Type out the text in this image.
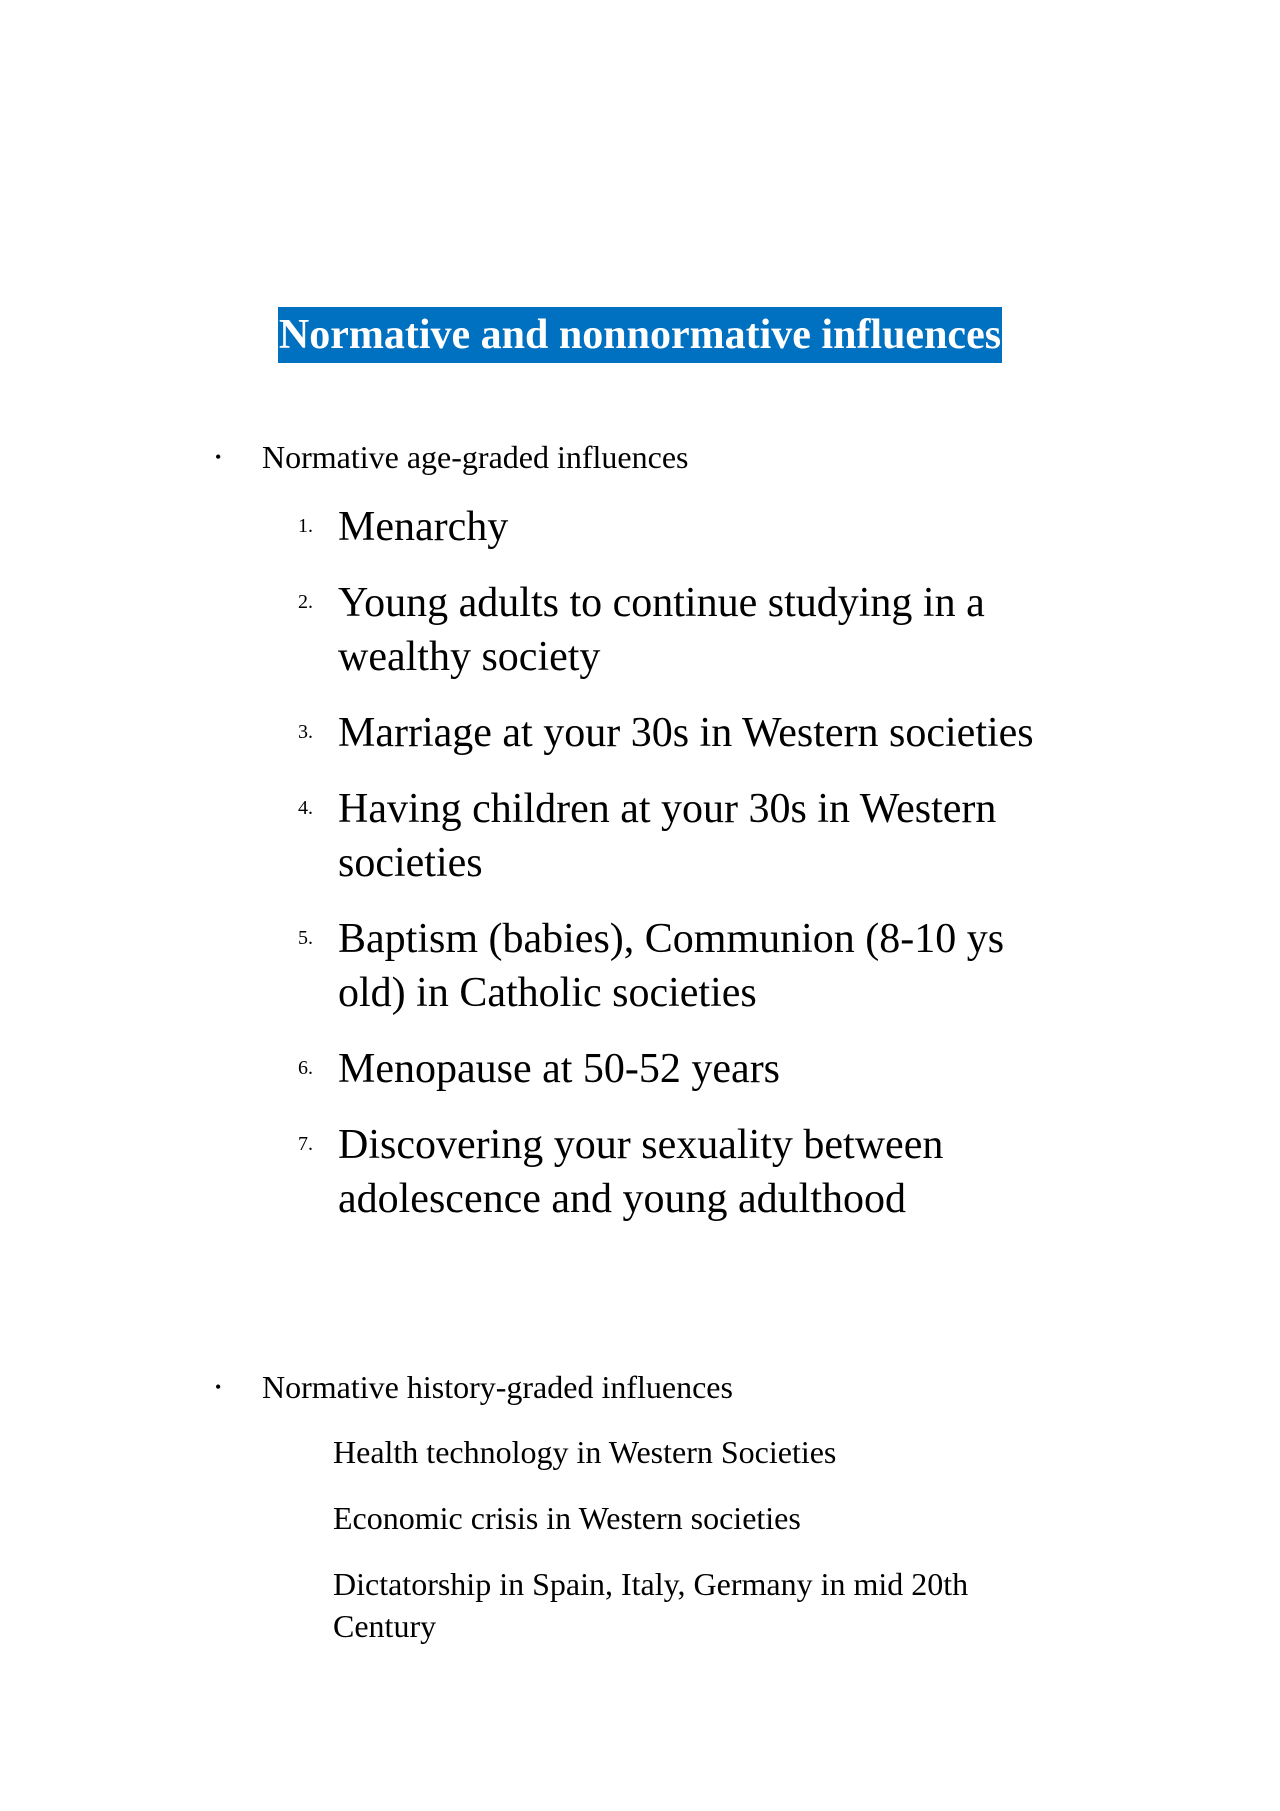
Normative and nonnormative influences
• Normative age-graded influences
1. Menarchy
2. Young adults to continue studying in a wealthy society
3. Marriage at your 30s in Western societies
4. Having children at your 30s in Western societies
5. Baptism (babies), Communion (8-10 ys old) in Catholic societies
6. Menopause at 50-52 years
7. Discovering your sexuality between adolescence and young adulthood
• Normative history-graded influences
Health technology in Western Societies
Economic crisis in Western societies
Dictatorship in Spain, Italy, Germany in mid 20th Century
